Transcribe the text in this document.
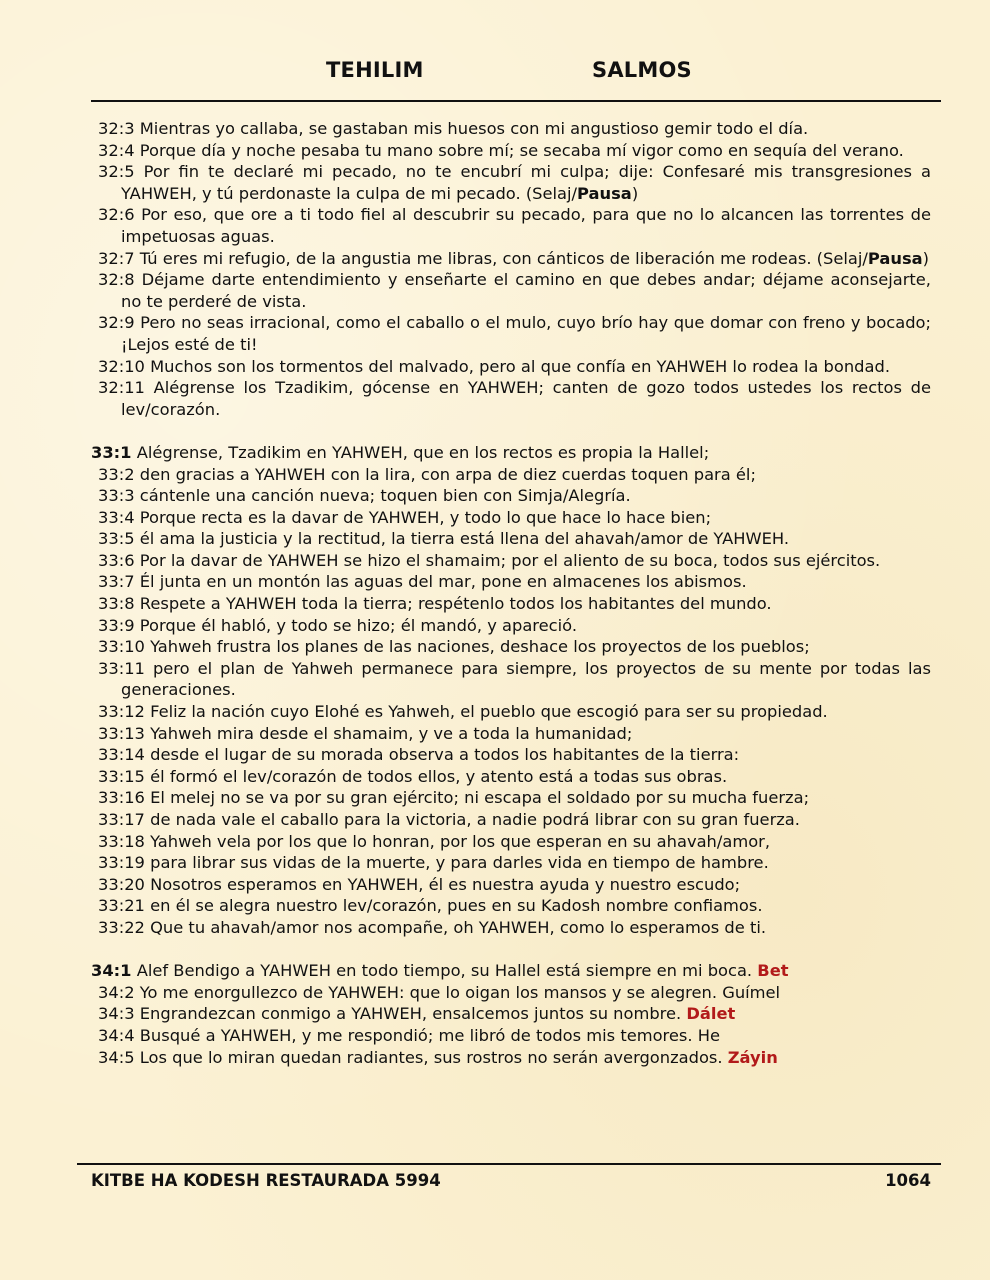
TEHILIM	SALMOS

32:3 Mientras yo callaba, se gastaban mis huesos con mi angustioso gemir todo el día.

32:4 Porque día y noche pesaba tu mano sobre mí; se secaba mí vigor como en sequía del verano.

32:5 Por fin te declaré mi pecado, no te encubrí mi culpa; dije: Confesaré mis transgresiones a YAHWEH, y tú perdonaste la culpa de mi pecado. (Selaj/Pausa)

32:6 Por eso, que ore a ti todo fiel al descubrir su pecado, para que no lo alcancen las torrentes de impetuosas aguas.

32:7 Tú eres mi refugio, de la angustia me libras, con cánticos de liberación me rodeas. (Selaj/Pausa)

32:8 Déjame darte entendimiento y enseñarte el camino en que debes andar; déjame aconsejarte, no te perderé de vista.

32:9 Pero no seas irracional, como el caballo o el mulo, cuyo brío hay que domar con freno y bocado; ¡Lejos esté de ti!

32:10 Muchos son los tormentos del malvado, pero al que confía en YAHWEH lo rodea la bondad.

32:11 Alégrense los Tzadikim, gócense en YAHWEH; canten de gozo todos ustedes los rectos de lev/corazón.

33:1 Alégrense, Tzadikim en YAHWEH, que en los rectos es propia la Hallel;

33:2 den gracias a YAHWEH con la lira, con arpa de diez cuerdas toquen para él;

33:3 cántenle una canción nueva; toquen bien con Simja/Alegría.

33:4 Porque recta es la davar de YAHWEH, y todo lo que hace lo hace bien;

33:5 él ama la justicia y la rectitud, la tierra está llena del ahavah/amor de YAHWEH.

33:6 Por la davar de YAHWEH se hizo el shamaim; por el aliento de su boca, todos sus ejércitos.

33:7 Él junta en un montón las aguas del mar, pone en almacenes los abismos.

33:8 Respete a YAHWEH toda la tierra; respétenlo todos los habitantes del mundo.

33:9 Porque él habló, y todo se hizo; él mandó, y apareció.

33:10 Yahweh frustra los planes de las naciones, deshace los proyectos de los pueblos;

33:11 pero el plan de Yahweh permanece para siempre, los proyectos de su mente por todas las generaciones.

33:12 Feliz la nación cuyo Elohé es Yahweh, el pueblo que escogió para ser su propiedad.

33:13 Yahweh mira desde el shamaim, y ve a toda la humanidad;

33:14 desde el lugar de su morada observa a todos los habitantes de la tierra:

33:15 él formó el lev/corazón de todos ellos, y atento está a todas sus obras.

33:16 El melej no se va por su gran ejército; ni escapa el soldado por su mucha fuerza;

33:17 de nada vale el caballo para la victoria, a nadie podrá librar con su gran fuerza.

33:18 Yahweh vela por los que lo honran, por los que esperan en su ahavah/amor,

33:19 para librar sus vidas de la muerte, y para darles vida en tiempo de hambre.

33:20 Nosotros esperamos en YAHWEH, él es nuestra ayuda y nuestro escudo;

33:21 en él se alegra nuestro lev/corazón, pues en su Kadosh nombre confiamos.

33:22 Que tu ahavah/amor nos acompañe, oh YAHWEH, como lo esperamos de ti.

34:1 Alef Bendigo a YAHWEH en todo tiempo, su Hallel está siempre en mi boca. Bet

34:2 Yo me enorgullezco de YAHWEH: que lo oigan los mansos y se alegren. Guímel

34:3 Engrandezcan conmigo a YAHWEH, ensalcemos juntos su nombre. Dálet

34:4 Busqué a YAHWEH, y me respondió; me libró de todos mis temores. He

34:5 Los que lo miran quedan radiantes, sus rostros no serán avergonzados. Záyin

KITBE HA KODESH RESTAURADA 5994	1064
